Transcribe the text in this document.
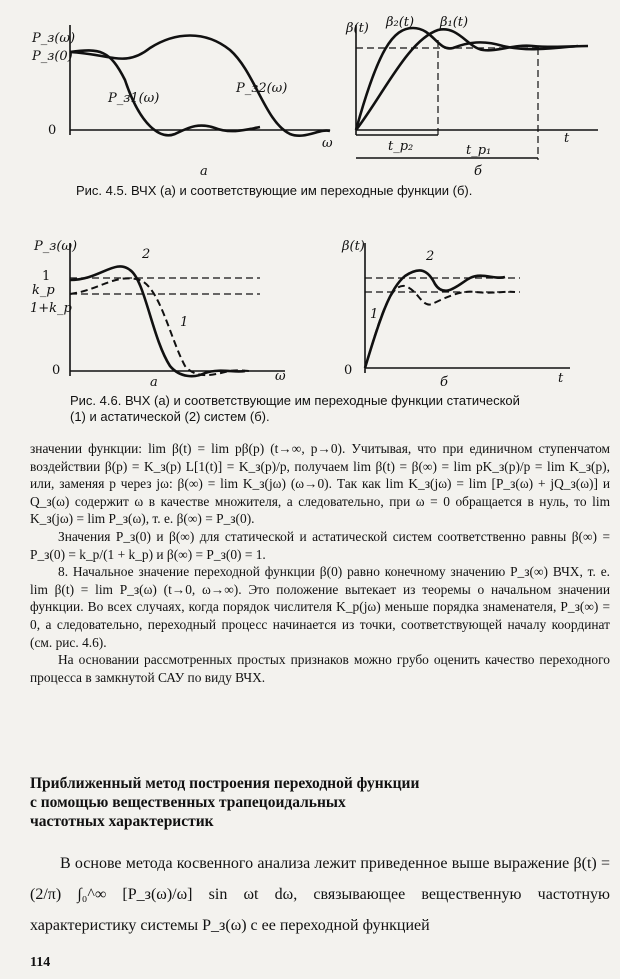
P_з(ω)
P_з(0)
0
ω
P_з1(ω)
P_з2(ω)
а
β(t) β₂(t) β₁(t)
t
t_p₂	t_p₁
б
Рис. 4.5. ВЧХ (а) и соответствующие им переходные функции (б).
P_з(ω)
1
k_p
1+k_p
0	ω
2
1
а
β(t)
0
t
2
1
б
Рис. 4.6. ВЧХ (а) и соответствующие им переходные функции статической
(1) и астатической (2) систем (б).

значении функции: lim β(t) = lim pβ(p) (t→∞, p→0). Учитывая, что при единичном ступенчатом воздействии β(p) = K_з(p) L[1(t)] = K_з(p)/p, получаем lim β(t) = β(∞) = lim pK_з(p)/p = lim K_з(p), или, заменяя p через jω: β(∞) = lim K_з(jω) (ω→0). Так как lim K_з(jω) = lim [P_з(ω) + jQ_з(ω)] и Q_з(ω) содержит ω в качестве множителя, а следовательно, при ω = 0 обращается в нуль, то lim K_з(jω) = lim P_з(ω), т. е. β(∞) = P_з(0).

Значения P_з(0) и β(∞) для статической и астатической систем соответственно равны β(∞) = P_з(0) = k_р/(1 + k_р) и β(∞) = P_з(0) = 1.

8. Начальное значение переходной функции β(0) равно конечному значению P_з(∞) ВЧХ, т. е. lim β(t) = lim P_з(ω) (t→0, ω→∞). Это положение вытекает из теоремы о начальном значении функции. Во всех случаях, когда порядок числителя K_р(jω) меньше порядка знаменателя, P_з(∞) = 0, а следовательно, переходный процесс начинается из точки, соответствующей началу координат (см. рис. 4.6).

На основании рассмотренных простых признаков можно грубо оценить качество переходного процесса в замкнутой САУ по виду ВЧХ.

Приближенный метод построения переходной функции
с помощью вещественных трапецоидальных
частотных характеристик
В основе метода косвенного анализа лежит приведенное выше выражение β(t) = (2/π) ∫₀^∞ [P_з(ω)/ω] sin ωt dω, связывающее вещественную частотную характеристику системы P_з(ω) с ее переходной функцией
114
